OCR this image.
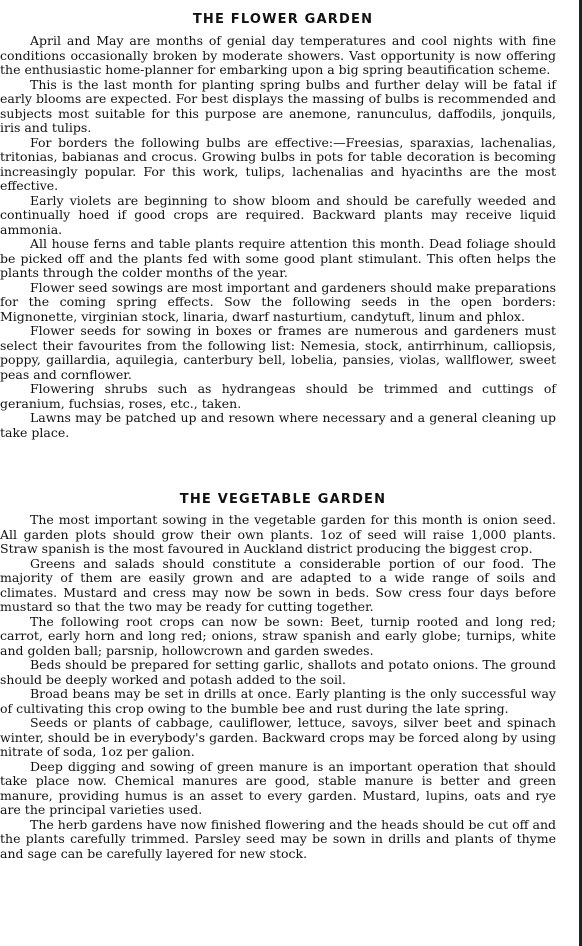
THE FLOWER GARDEN

April and May are months of genial day temperatures and cool nights with fine conditions occasionally broken by moderate showers. Vast opportunity is now offering the enthusiastic home-planner for embarking upon a big spring beautification scheme.

This is the last month for planting spring bulbs and further delay will be fatal if early blooms are expected. For best displays the massing of bulbs is recommended and subjects most suitable for this purpose are anemone, ranunculus, daffodils, jonquils, iris and tulips.

For borders the following bulbs are effective:—Freesias, sparaxias, lachenalias, tritonias, babianas and crocus. Growing bulbs in pots for table decoration is becoming increasingly popular. For this work, tulips, lachenalias and hyacinths are the most effective.

Early violets are beginning to show bloom and should be carefully weeded and continually hoed if good crops are required. Backward plants may receive liquid ammonia.

All house ferns and table plants require attention this month. Dead foliage should be picked off and the plants fed with some good plant stimulant. This often helps the plants through the colder months of the year.

Flower seed sowings are most important and gardeners should make preparations for the coming spring effects. Sow the following seeds in the open borders: Mignonette, virginian stock, linaria, dwarf nasturtium, candytuft, linum and phlox.

Flower seeds for sowing in boxes or frames are numerous and gardeners must select their favourites from the following list: Nemesia, stock, antirrhinum, calliopsis, poppy, gaillardia, aquilegia, canterbury bell, lobelia, pansies, violas, wallflower, sweet peas and cornflower.

Flowering shrubs such as hydrangeas should be trimmed and cuttings of geranium, fuchsias, roses, etc., taken.

Lawns may be patched up and resown where necessary and a general cleaning up take place.

THE VEGETABLE GARDEN

The most important sowing in the vegetable garden for this month is onion seed. All garden plots should grow their own plants. 1oz of seed will raise 1,000 plants. Straw spanish is the most favoured in Auckland district producing the biggest crop.

Greens and salads should constitute a considerable portion of our food. The majority of them are easily grown and are adapted to a wide range of soils and climates. Mustard and cress may now be sown in beds. Sow cress four days before mustard so that the two may be ready for cutting together.

The following root crops can now be sown: Beet, turnip rooted and long red; carrot, early horn and long red; onions, straw spanish and early globe; turnips, white and golden ball; parsnip, hollowcrown and garden swedes.

Beds should be prepared for setting garlic, shallots and potato onions. The ground should be deeply worked and potash added to the soil.

Broad beans may be set in drills at once. Early planting is the only successful way of cultivating this crop owing to the bumble bee and rust during the late spring.

Seeds or plants of cabbage, cauliflower, lettuce, savoys, silver beet and spinach winter, should be in everybody's garden. Backward crops may be forced along by using nitrate of soda, 1oz per galion.

Deep digging and sowing of green manure is an important operation that should take place now. Chemical manures are good, stable manure is better and green manure, providing humus is an asset to every garden. Mustard, lupins, oats and rye are the principal varieties used.

The herb gardens have now finished flowering and the heads should be cut off and the plants carefully trimmed. Parsley seed may be sown in drills and plants of thyme and sage can be carefully layered for new stock.
